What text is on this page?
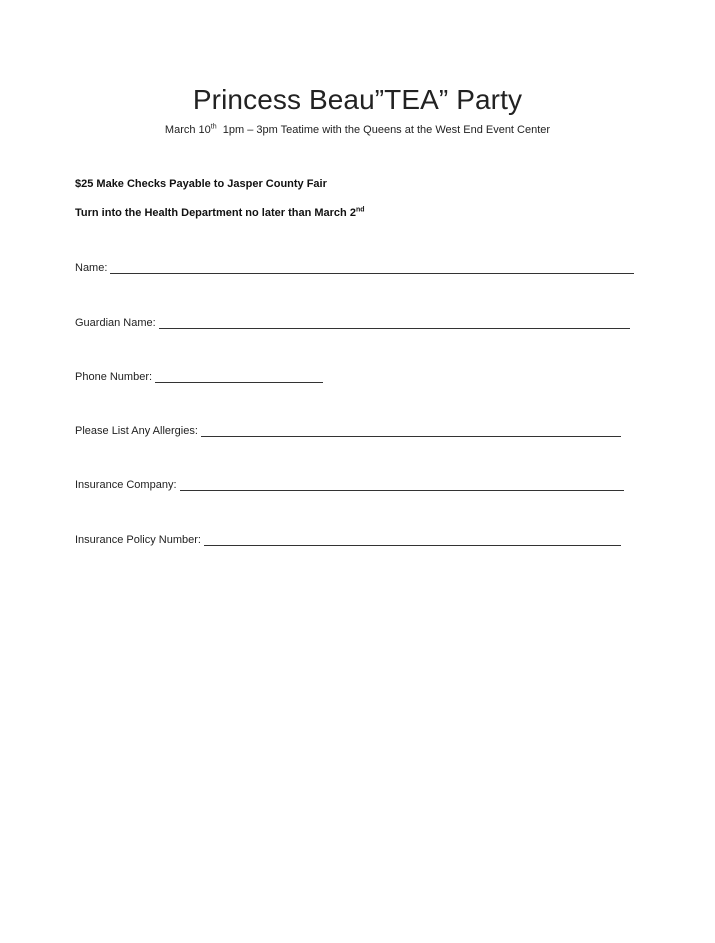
Princess Beau”TEA” Party
March 10th  1pm – 3pm Teatime with the Queens at the West End Event Center
$25 Make Checks Payable to Jasper County Fair
Turn into the Health Department no later than March 2nd
Name:
Guardian Name:
Phone Number:
Please List Any Allergies:
Insurance Company:
Insurance Policy Number:
